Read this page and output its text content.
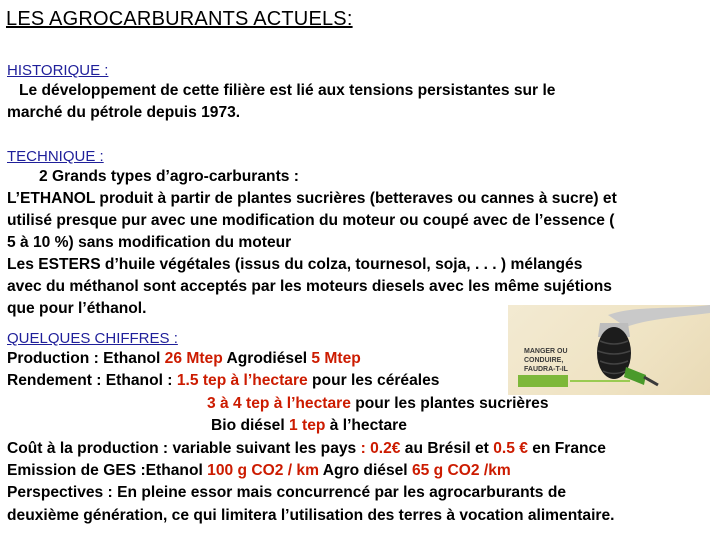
LES AGROCARBURANTS ACTUELS:
HISTORIQUE :
Le développement de cette filière est lié aux tensions persistantes sur le
marché du pétrole depuis 1973.
TECHNIQUE :
2 Grands types d’agro-carburants :
L’ETHANOL produit à partir de plantes sucrières (betteraves ou cannes à sucre) et
utilisé presque pur avec une modification du moteur ou coupé avec de l’essence (
5 à 10 %) sans modification du moteur
Les ESTERS d’huile végétales (issus du colza, tournesol, soja, . . . ) mélangés
avec du méthanol sont acceptés par les moteurs diesels avec les même sujétions
que pour l’éthanol.
MANGER OU CONDUIRE, FAUDRA-T-IL
QUELQUES CHIFFRES :
Production : Ethanol 26 Mtep Agrodiésel 5 Mtep
Rendement : Ethanol : 1.5 tep à l’hectare pour les céréales
3 à 4 tep à l’hectare pour les plantes sucrières
Bio diésel 1 tep à l’hectare
Coût à la production : variable suivant les pays : 0.2€ au Brésil et 0.5 € en France
Emission de GES :Ethanol 100 g CO2 / km Agro diésel 65 g CO2 /km
Perspectives : En pleine essor mais concurrencé par les agrocarburants de
deuxième génération, ce qui limitera l’utilisation des terres à vocation alimentaire.
